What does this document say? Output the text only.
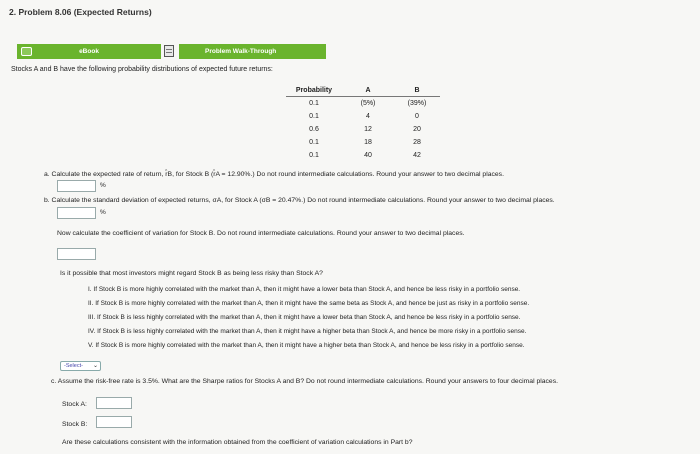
2. Problem 8.06 (Expected Returns)
eBook	Problem Walk-Through
Stocks A and B have the following probability distributions of expected future returns:
Probability	A	B
0.1	(5%)	(39%)
0.1	4	0
0.6	12	20
0.1	18	28
0.1	40	42
a. Calculate the expected rate of return, r̂B, for Stock B (r̂A = 12.90%.) Do not round intermediate calculations. Round your answer to two decimal places.
%
b. Calculate the standard deviation of expected returns, σA, for Stock A (σB = 20.47%.) Do not round intermediate calculations. Round your answer to two decimal places.
%
Now calculate the coefficient of variation for Stock B. Do not round intermediate calculations. Round your answer to two decimal places.
Is it possible that most investors might regard Stock B as being less risky than Stock A?
I. If Stock B is more highly correlated with the market than A, then it might have a lower beta than Stock A, and hence be less risky in a portfolio sense.
II. If Stock B is more highly correlated with the market than A, then it might have the same beta as Stock A, and hence be just as risky in a portfolio sense.
III. If Stock B is less highly correlated with the market than A, then it might have a lower beta than Stock A, and hence be less risky in a portfolio sense.
IV. If Stock B is less highly correlated with the market than A, then it might have a higher beta than Stock A, and hence be more risky in a portfolio sense.
V. If Stock B is more highly correlated with the market than A, then it might have a higher beta than Stock A, and hence be less risky in a portfolio sense.
-Select- ⌄
c. Assume the risk-free rate is 3.5%. What are the Sharpe ratios for Stocks A and B? Do not round intermediate calculations. Round your answers to four decimal places.
Stock A:
Stock B:
Are these calculations consistent with the information obtained from the coefficient of variation calculations in Part b?
